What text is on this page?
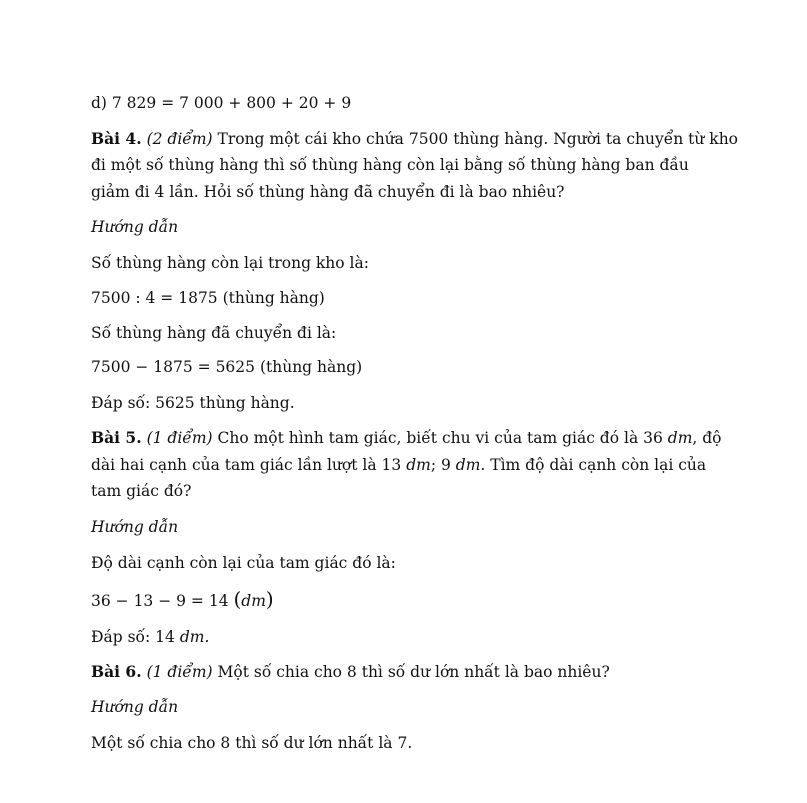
d) 7 829 = 7 000 + 800 + 20 + 9
Bài 4. (2 điểm) Trong một cái kho chứa 7500 thùng hàng. Người ta chuyển từ kho
đi một số thùng hàng thì số thùng hàng còn lại bằng số thùng hàng ban đầu
giảm đi 4 lần. Hỏi số thùng hàng đã chuyển đi là bao nhiêu?
Hướng dẫn
Số thùng hàng còn lại trong kho là:
7500 : 4 = 1875 (thùng hàng)
Số thùng hàng đã chuyển đi là:
7500 − 1875 = 5625 (thùng hàng)
Đáp số: 5625 thùng hàng.
Bài 5. (1 điểm) Cho một hình tam giác, biết chu vi của tam giác đó là 36 dm, độ
dài hai cạnh của tam giác lần lượt là 13 dm; 9 dm. Tìm độ dài cạnh còn lại của
tam giác đó?
Hướng dẫn
Độ dài cạnh còn lại của tam giác đó là:
36 − 13 − 9 = 14 (dm)
Đáp số: 14 dm.
Bài 6. (1 điểm) Một số chia cho 8 thì số dư lớn nhất là bao nhiêu?
Hướng dẫn
Một số chia cho 8 thì số dư lớn nhất là 7.
